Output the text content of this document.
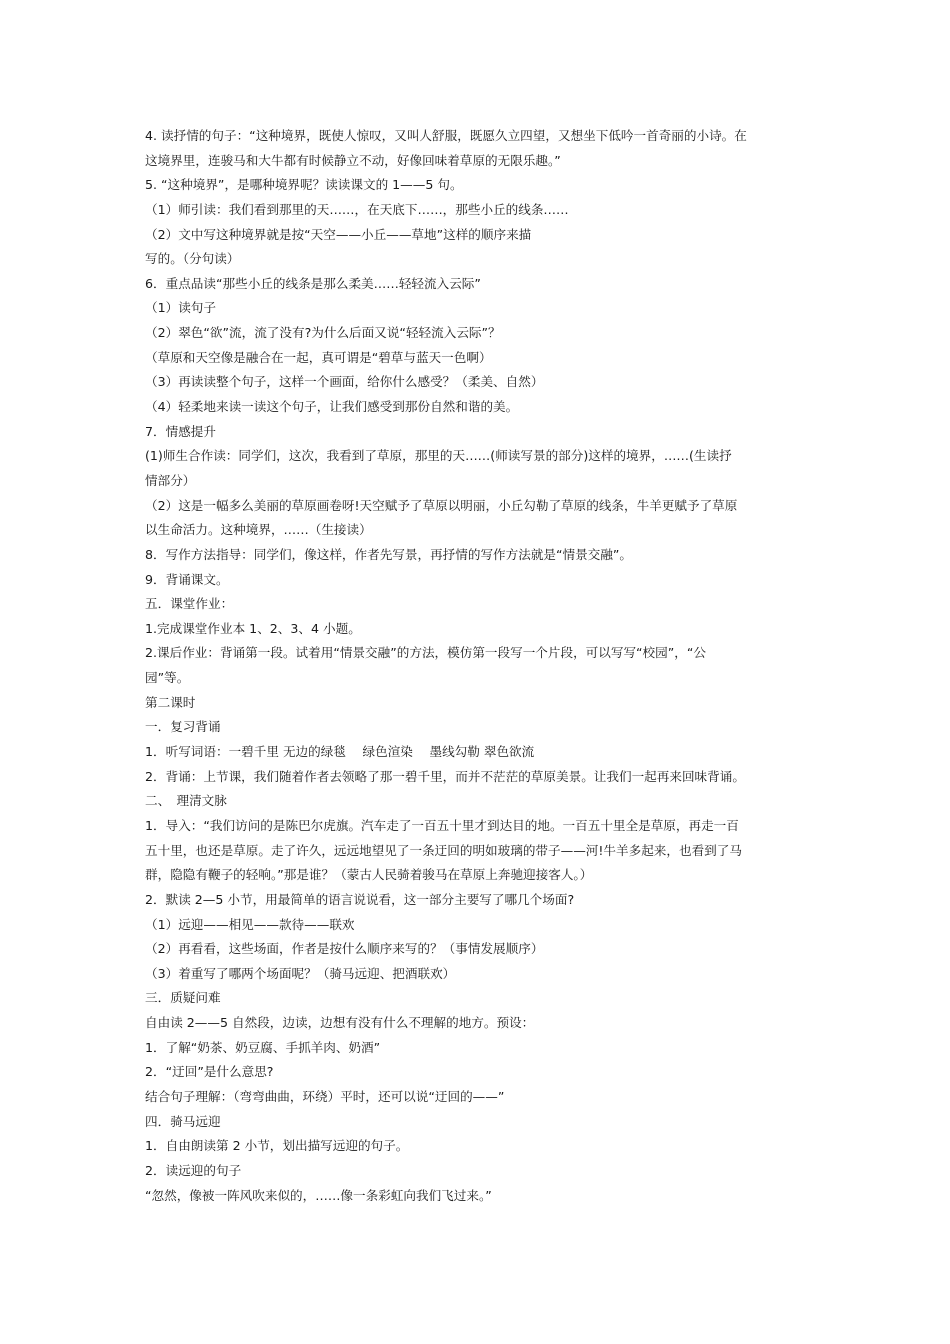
4. 读抒情的句子：“这种境界，既使人惊叹，又叫人舒服，既愿久立四望，又想坐下低吟一首奇丽的小诗。在
这境界里，连骏马和大牛都有时候静立不动，好像回味着草原的无限乐趣。”
5. “这种境界”，是哪种境界呢？读读课文的 1——5 句。
（1）师引读：我们看到那里的天……，在天底下……，那些小丘的线条……
（2）文中写这种境界就是按“天空——小丘——草地”这样的顺序来描
写的。（分句读）
6．重点品读“那些小丘的线条是那么柔美……轻轻流入云际”
（1）读句子
（2）翠色“欲”流，流了没有?为什么后面又说“轻轻流入云际”？
（草原和天空像是融合在一起，真可谓是“碧草与蓝天一色啊）
（3）再读读整个句子，这样一个画面，给你什么感受？（柔美、自然）
（4）轻柔地来读一读这个句子，让我们感受到那份自然和谐的美。
7．情感提升
(1)师生合作读：同学们，这次，我看到了草原，那里的天……(师读写景的部分)这样的境界，……(生读抒
情部分）
（2）这是一幅多么美丽的草原画卷呀!天空赋予了草原以明丽，小丘勾勒了草原的线条，牛羊更赋予了草原
以生命活力。这种境界，……（生接读）
8．写作方法指导：同学们，像这样，作者先写景，再抒情的写作方法就是“情景交融”。
9．背诵课文。
五．课堂作业：
1.完成课堂作业本 1、2、3、4 小题。
2.课后作业：背诵第一段。试着用“情景交融”的方法，模仿第一段写一个片段，可以写写“校园”，“公
园”等。
第二课时
一．复习背诵
1．听写词语：一碧千里 无边的绿毯　 绿色渲染　 墨线勾勒 翠色欲流
2．背诵：上节课，我们随着作者去领略了那一碧千里，而并不茫茫的草原美景。让我们一起再来回味背诵。
二、　理清文脉
1．导入：“我们访问的是陈巴尔虎旗。汽车走了一百五十里才到达目的地。一百五十里全是草原，再走一百
五十里，也还是草原。走了许久，远远地望见了一条迂回的明如玻璃的带子——河!牛羊多起来，也看到了马
群，隐隐有鞭子的轻响。”那是谁？（蒙古人民骑着骏马在草原上奔驰迎接客人。）
2．默读 2—5 小节，用最简单的语言说说看，这一部分主要写了哪几个场面?
（1）远迎——相见——款待——联欢
（2）再看看，这些场面，作者是按什么顺序来写的？（事情发展顺序）
（3）着重写了哪两个场面呢？（骑马远迎、把酒联欢）
三．质疑问难
自由读 2——5 自然段，边读，边想有没有什么不理解的地方。预设：
1．了解“奶茶、奶豆腐、手抓羊肉、奶酒”
2．“迂回”是什么意思?
结合句子理解：（弯弯曲曲，环绕）平时，还可以说“迂回的——”
四．骑马远迎
1．自由朗读第 2 小节，划出描写远迎的句子。
2．读远迎的句子
“忽然，像被一阵风吹来似的，……像一条彩虹向我们飞过来。”
